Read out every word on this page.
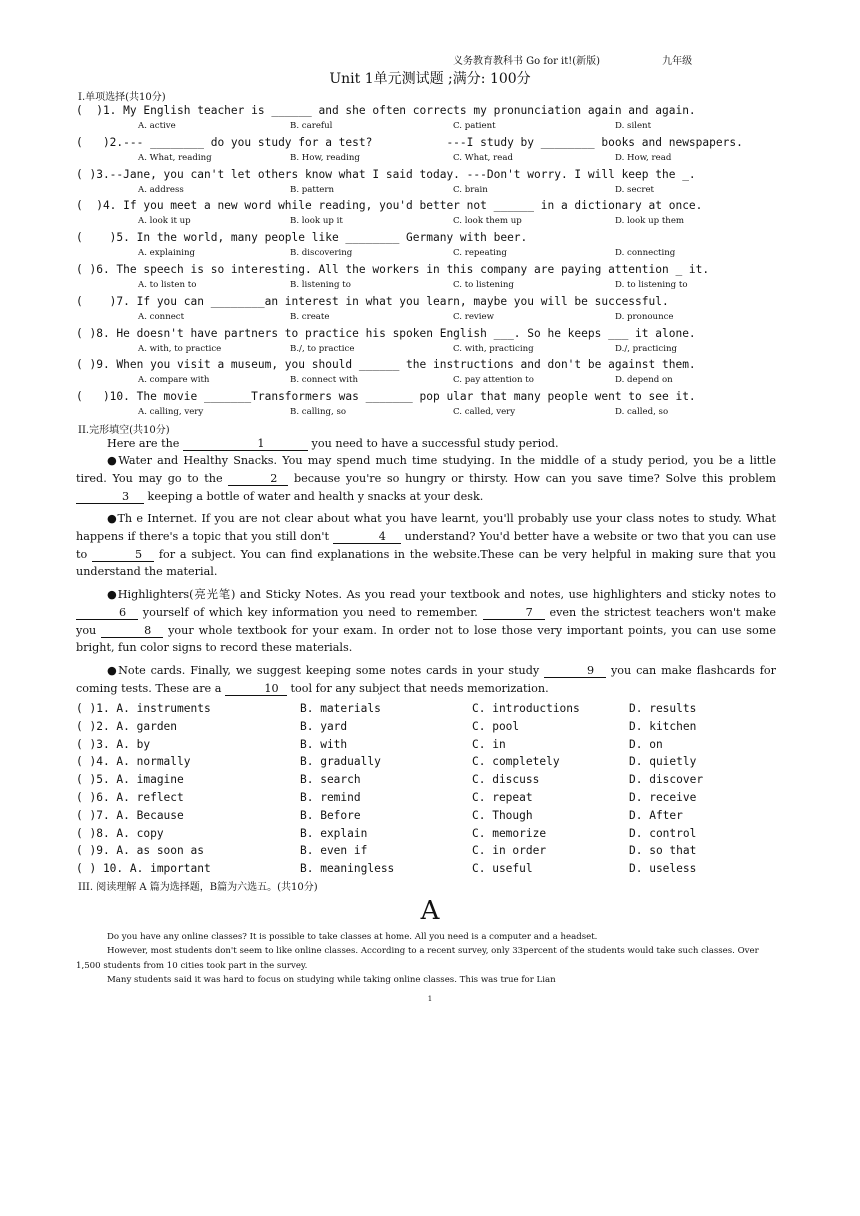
义务教育教科书 Go for it!(新版)	九年级
Unit 1单元测试题 ;满分: 100分
I.单项选择(共10分)
(  )1. My English teacher is ______ and she often corrects my pronunciation again and again.
A. active	B. careful	C. patient	D. silent
(   )2.--- ________ do you study for a test?           ---I study by ________ books and newspapers.
A. What, reading	B. How, reading	C. What, read	D. How, read
( )3.--Jane, you can't let others know what I said today. ---Don't worry. I will keep the _.
A. address	B. pattern	C. brain	D. secret
(  )4. If you meet a new word while reading, you'd better not ______ in a dictionary at once.
A. look it up	B. look up it	C. look them up	D. look up them
(    )5. In the world, many people like ________ Germany with beer.
A. explaining	B. discovering	C. repeating	D. connecting
( )6. The speech is so interesting. All the workers in this company are paying attention _ it.
A. to listen to	B. listening to	C. to listening	D. to listening to
(    )7. If you can ________an interest in what you learn, maybe you will be successful.
A. connect	B. create	C. review	D. pronounce
( )8. He doesn't have partners to practice his spoken English ___. So he keeps ___ it alone.
A. with, to practice	B./, to practice	C. with, practicing	D./, practicing
( )9. When you visit a museum, you should ______ the instructions and don't be against them.
A. compare with	B. connect with	C. pay attention to	D. depend on
(   )10. The movie _______Transformers was _______ pop ular that many people went to see it.
A. calling, very	B. calling, so	C. called, very	D. called, so
II.完形填空(共10分)
Here are the	1	you need to have a successful study period.
●Water and Healthy Snacks. You may spend much time studying. In the middle of a study period, you be a little tired. You may go to the	2 because you're so hungry or thirsty. How can you save time? Solve this problem 3 keeping a bottle of water and health y snacks at your desk.
●Th e Internet. If you are not clear about what you have learnt, you'll probably use your class notes to study. What happens if there's a topic that you still don't	4 understand? You'd better have a website or two that you can use to	5 for a subject. You can find explanations in the website.These can be very helpful in making sure that you understand the material.
●Highlighters(亮光笔) and Sticky Notes. As you read your textbook and notes, use highlighters and sticky notes to 6 yourself of which key information you need to remember.	7 even the strictest teachers won't make you	8 your whole textbook for your exam. In order not to lose those very important points, you can use some bright, fun color signs to record these materials.
●Note cards. Finally, we suggest keeping some notes cards in your study	9 you can make flashcards for coming tests. These are a	10 tool for any subject that needs memorization.
( )1. A. instruments	B. materials	C. introductions	D. results
( )2. A. garden	B. yard	C. pool	D. kitchen
( )3. A. by	B. with	C. in	D. on
( )4. A. normally	B. gradually	C. completely	D. quietly
( )5. A. imagine	B. search	C. discuss	D. discover
( )6. A. reflect	B. remind	C. repeat	D. receive
( )7. A. Because	B. Before	C. Though	D. After
( )8. A. copy	B. explain	C. memorize	D. control
( )9. A. as soon as	B. even if	C. in order	D. so that
( ) 10. A. important	B. meaningless	C. useful	D. useless
III. 阅读理解 A 篇为选择题，B篇为六选五。(共10分)
A
Do you have any online classes? It is possible to take classes at home. All you need is a computer and a headset.
However, most students don't seem to like online classes. According to a recent survey, only 33percent of the students would take such classes. Over 1,500 students from 10 cities took part in the survey.
Many students said it was hard to focus on studying while taking online classes. This was true for Lian
1
